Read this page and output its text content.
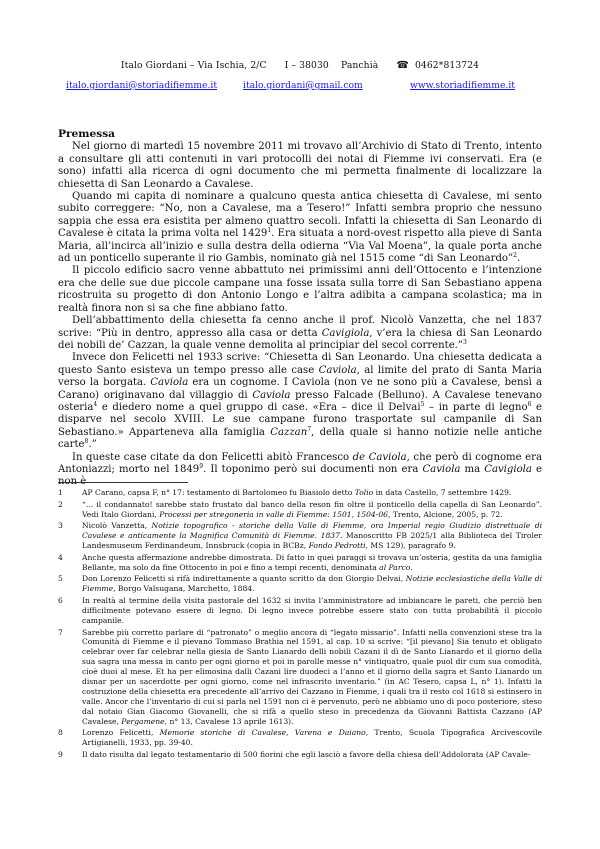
Italo Giordani – Via Ischia, 2/C I – 38030 Panchià ☎ 0462*813724
italo.giordani@storiadifiemme.it	italo.giordani@gmail.com	www.storiadifiemme.it
Premessa

Nel giorno di martedì 15 novembre 2011 mi trovavo all’Archivio di Stato di Trento, intento a consultare gli atti contenuti in vari protocolli dei notai di Fiemme ivi conservati. Era (e sono) infatti alla ricerca di ogni documento che mi permetta finalmente di localizzare la chiesetta di San Leonardo a Cavalese.

Quando mi capita di nominare a qualcuno questa antica chiesetta di Cavalese, mi sento subito correggere: “No, non a Cavalese, ma a Tesero!” Infatti sembra proprio che nessuno sappia che essa era esistita per almeno quattro secoli. Infatti la chiesetta di San Leonardo di Cavalese è citata la prima volta nel 1429$^1$. Era situata a nord-ovest rispetto alla pieve di Santa Maria, all’incirca all’inizio e sulla destra della odierna “Via Val Moena”, la quale porta anche ad un ponticello superante il rio Gambis, nominato già nel 1515 come “di San Leonardo”$^2$.

Il piccolo edificio sacro venne abbattuto nei primissimi anni dell’Ottocento e l’intenzione era che delle sue due piccole campane una fosse issata sulla torre di San Sebastiano appena ricostruita su progetto di don Antonio Longo e l’altra adibita a campana scolastica; ma in realtà finora non si sa che fine abbiano fatto.

Dell’abbattimento della chiesetta fa cenno anche il prof. Nicolò Vanzetta, che nel 1837 scrive: “Più in dentro, appresso alla casa or detta Cavigiola, v’era la chiesa di San Leonardo dei nobili de’ Cazzan, la quale venne demolita al principiar del secol corrente.”$^3$

Invece don Felicetti nel 1933 scrive: “Chiesetta di San Leonardo. Una chiesetta dedicata a questo Santo esisteva un tempo presso alle case Caviola, al limite del prato di Santa Maria verso la borgata. Caviola era un cognome. I Caviola (non ve ne sono più a Cavalese, bensì a Carano) originavano dal villaggio di Caviola presso Falcade (Belluno). A Cavalese tenevano osteria$^4$ e diedero nome a quel gruppo di case. «Era – dice il Delvai$^5$ – in parte di legno$^6$ e disparve nel secolo XVIII. Le sue campane furono trasportate sul campanile di San Sebastiano.» Apparteneva alla famiglia Cazzan$^7$, della quale si hanno notizie nelle antiche carte$^8$.”

In queste case citate da don Felicetti abitò Francesco de Caviola, che però di cognome era Antoniazzi; morto nel 1849$^9$. Il toponimo però sui documenti non era Caviola ma Cavigiola e non è

1	AP Carano, capsa F, n° 17: testamento di Bartolomeo fu Biasiolo detto Tolio in data Castello, 7 settembre 1429.
2	“... il condannato! sarebbe stato frustato dal banco della reson fin oltre il ponticello della capella di San Leonardo”. Vedi Italo Giordani, Processi per stregoneria in valle di Fiemme: 1501, 1504-06, Trento, Alcione, 2005, p. 72.
3	Nicolò Vanzetta, Notizie topografico - storiche della Valle di Fiemme, ora Imperial regio Giudizio distrettuale di Cavalese e anticamente la Magnifica Comunità di Fiemme. 1837. Manoscritto FB 2025/1 alla Biblioteca del Tiroler Landesmuseum Ferdinandeum, Innsbruck (copia in BCBz, Fondo Pedrotti, MS 129), paragrafo 9.
4	Anche questa affermazione andrebbe dimostrata. Di fatto in quei paraggi si trovava un’osteria, gestita da una famiglia Bellante, ma solo da fine Ottocento in poi e fino a tempi recenti, denominata al Parco.
5	Don Lorenzo Felicetti si rifà indirettamente a quanto scritto da don Giorgio Delvai, Notizie ecclesiastiche della Valle di Fiemme, Borgo Valsugana, Marchetto, 1884.
6	In realtà al termine della visita pastorale del 1632 si invita l’amministratore ad imbiancare le pareti, che perciò ben difficilmente potevano essere di legno. Di legno invece potrebbe essere stato con tutta probabilità il piccolo campanile.
7	Sarebbe più corretto parlare di “patronato” o meglio ancora di “legato missario”. Infatti nella convenzioni stese tra la Comunità di Fiemme e il pievano Tommaso Brathia nel 1591, al cap. 10 si scrive: “[il pievano] Sia tenuto et obligato celebrar over far celebrar nella giesia de Santo Lianardo delli nobili Cazani il dì de Santo Lianardo et il giorno della sua sagra una messa in canto per ogni giorno et poi in parolle messe n° vintiquatro, quale puol dir cum sua comodità, cioè duoi al mese. Et ha per elimosina dalli Cazani lire duodeci a l’anno et il giorno della sagra et Santo Lianardo un disnar per un sacerdotte per ogni giorno, come nel infrascrito inventario.” (in AC Tesero, capsa L, n° 1). Infatti la costruzione della chiesetta era precedente all’arrivo dei Cazzano in Fiemme, i quali tra il resto col 1618 si estinsero in valle. Ancor che l’inventario di cui si parla nel 1591 non ci è pervenuto, però ne abbiamo uno di poco posteriore, steso dal notaio Gian Giacomo Giovanelli, che si rifà a quello steso in precedenza da Giovanni Battista Cazzano (AP Cavalese, Pergamene, n° 13, Cavalese 13 aprile 1613).
8	Lorenzo Felicetti, Memorie storiche di Cavalese, Varena e Daiano, Trento, Scuola Tipografica Arcivescovile Artigianelli, 1933, pp. 39-40.
9	Il dato risulta dal legato testamentario di 500 fiorini che egli lasciò a favore della chiesa dell’Addolorata (AP Cavale-
